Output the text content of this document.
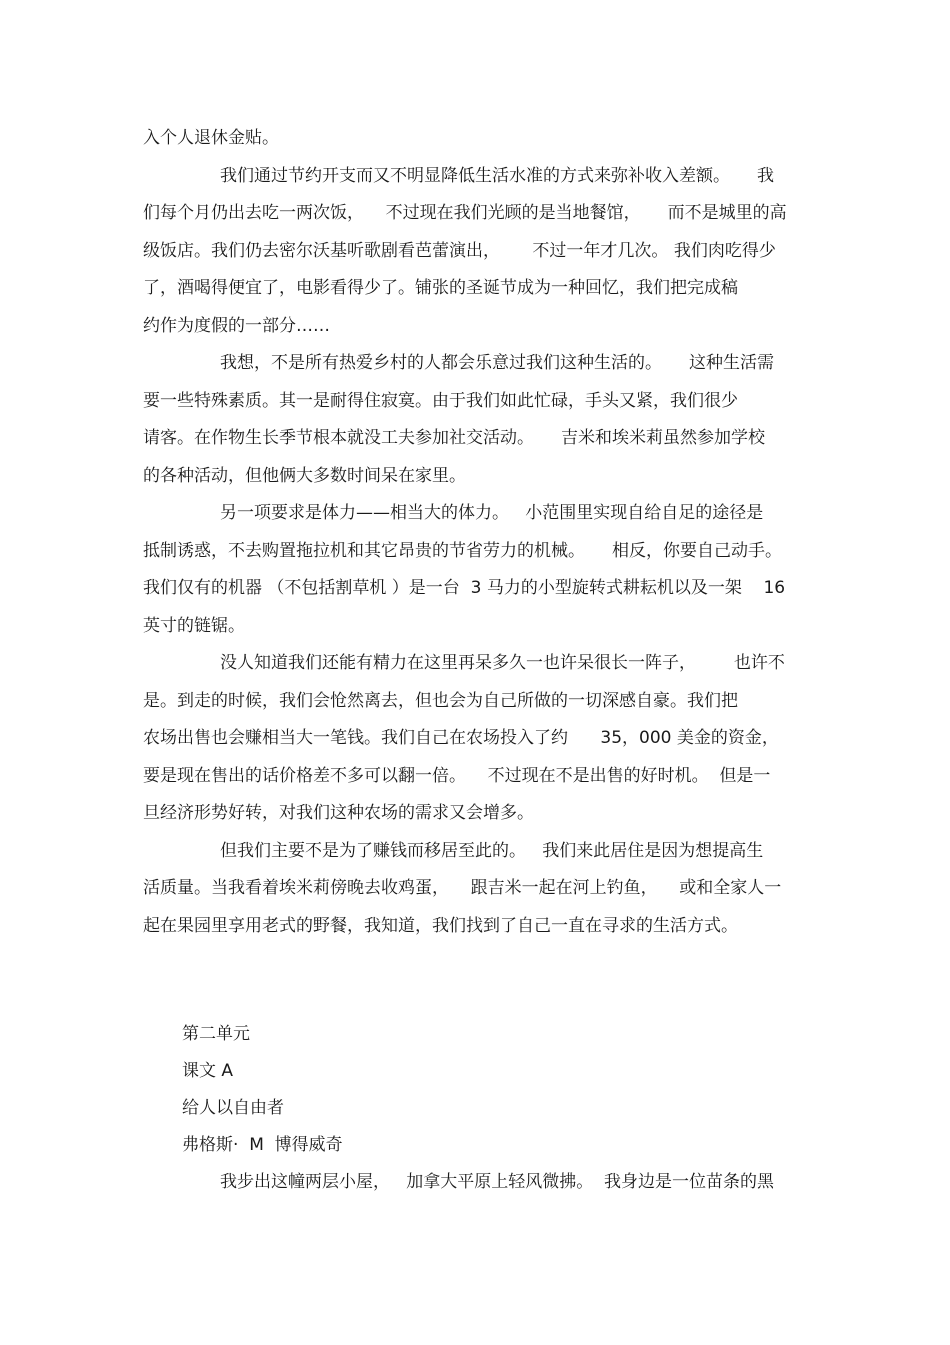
入个人退休金贴。
我们通过节约开支而又不明显降低生活水准的方式来弥补收入差额。     我
们每个月仍出去吃一两次饭，    不过现在我们光顾的是当地餐馆，     而不是城里的高
级饭店。我们仍去密尔沃基听歌剧看芭蕾演出，      不过一年才几次。 我们肉吃得少
了，酒喝得便宜了，电影看得少了。铺张的圣诞节成为一种回忆，我们把完成稿
约作为度假的一部分……
我想，不是所有热爱乡村的人都会乐意过我们这种生活的。     这种生活需
要一些特殊素质。其一是耐得住寂寞。由于我们如此忙碌，手头又紧，我们很少
请客。在作物生长季节根本就没工夫参加社交活动。     吉米和埃米莉虽然参加学校
的各种活动，但他俩大多数时间呆在家里。
另一项要求是体力——相当大的体力。   小范围里实现自给自足的途径是
抵制诱惑，不去购置拖拉机和其它昂贵的节省劳力的机械。     相反，你要自己动手。
我们仅有的机器 （不包括割草机 ）是一台  3 马力的小型旋转式耕耘机以及一架    16
英寸的链锯。
没人知道我们还能有精力在这里再呆多久一也许呆很长一阵子，       也许不
是。到走的时候，我们会怆然离去，但也会为自己所做的一切深感自豪。我们把
农场出售也会赚相当大一笔钱。我们自己在农场投入了约      35，000 美金的资金，
要是现在售出的话价格差不多可以翻一倍。    不过现在不是出售的好时机。  但是一
旦经济形势好转，对我们这种农场的需求又会增多。
但我们主要不是为了赚钱而移居至此的。   我们来此居住是因为想提高生
活质量。当我看着埃米莉傍晚去收鸡蛋，    跟吉米一起在河上钓鱼，    或和全家人一
起在果园里享用老式的野餐，我知道，我们找到了自己一直在寻求的生活方式。
第二单元
课文 A
给人以自由者
弗格斯·  M  博得威奇
我步出这幢两层小屋，   加拿大平原上轻风微拂。  我身边是一位苗条的黑
